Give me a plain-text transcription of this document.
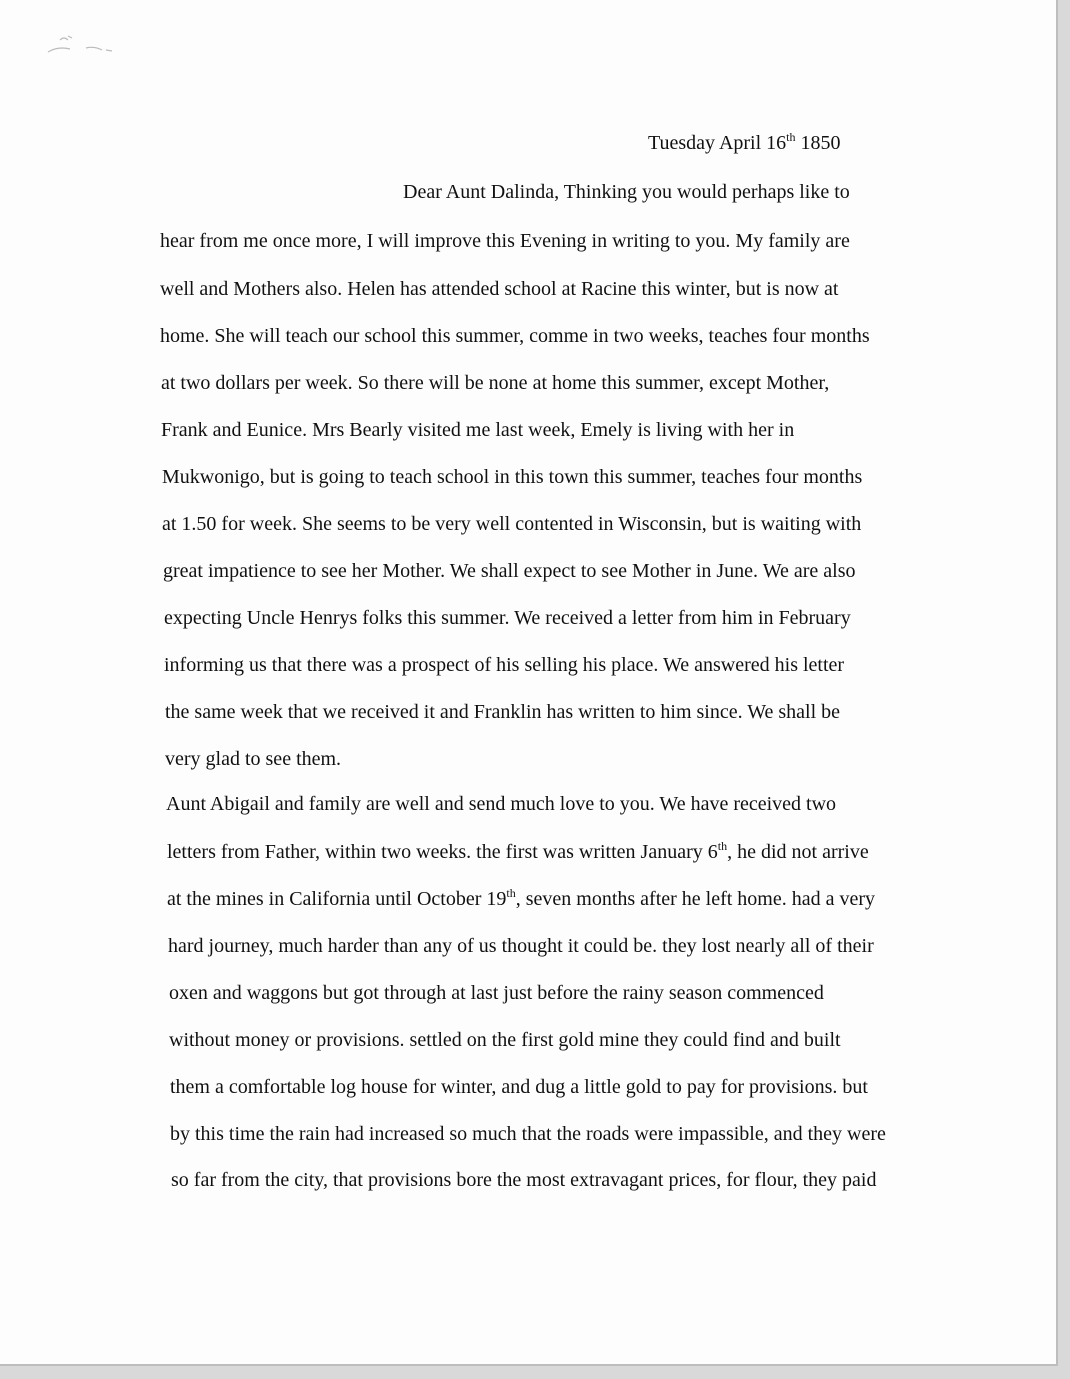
Tuesday April 16th 1850
Dear Aunt Dalinda, Thinking you would perhaps like to
hear from me once more, I will improve this Evening in writing to you. My family are
well and Mothers also. Helen has attended school at Racine this winter, but is now at
home. She will teach our school this summer, comme in two weeks, teaches four months
at two dollars per week. So there will be none at home this summer, except Mother,
Frank and Eunice. Mrs Bearly visited me last week, Emely is living with her in
Mukwonigo, but is going to teach school in this town this summer, teaches four months
at 1.50 for week. She seems to be very well contented in Wisconsin, but is waiting with
great impatience to see her Mother. We shall expect to see Mother in June. We are also
expecting Uncle Henrys folks this summer. We received a letter from him in February
informing us that there was a prospect of his selling his place. We answered his letter
the same week that we received it and Franklin has written to him since. We shall be
very glad to see them.
Aunt Abigail and family are well and send much love to you. We have received two
letters from Father, within two weeks. the first was written January 6th, he did not arrive
at the mines in California until October 19th, seven months after he left home. had a very
hard journey, much harder than any of us thought it could be. they lost nearly all of their
oxen and waggons but got through at last just before the rainy season commenced
without money or provisions. settled on the first gold mine they could find and built
them a comfortable log house for winter, and dug a little gold to pay for provisions. but
by this time the rain had increased so much that the roads were impassible, and they were
so far from the city, that provisions bore the most extravagant prices, for flour, they paid
